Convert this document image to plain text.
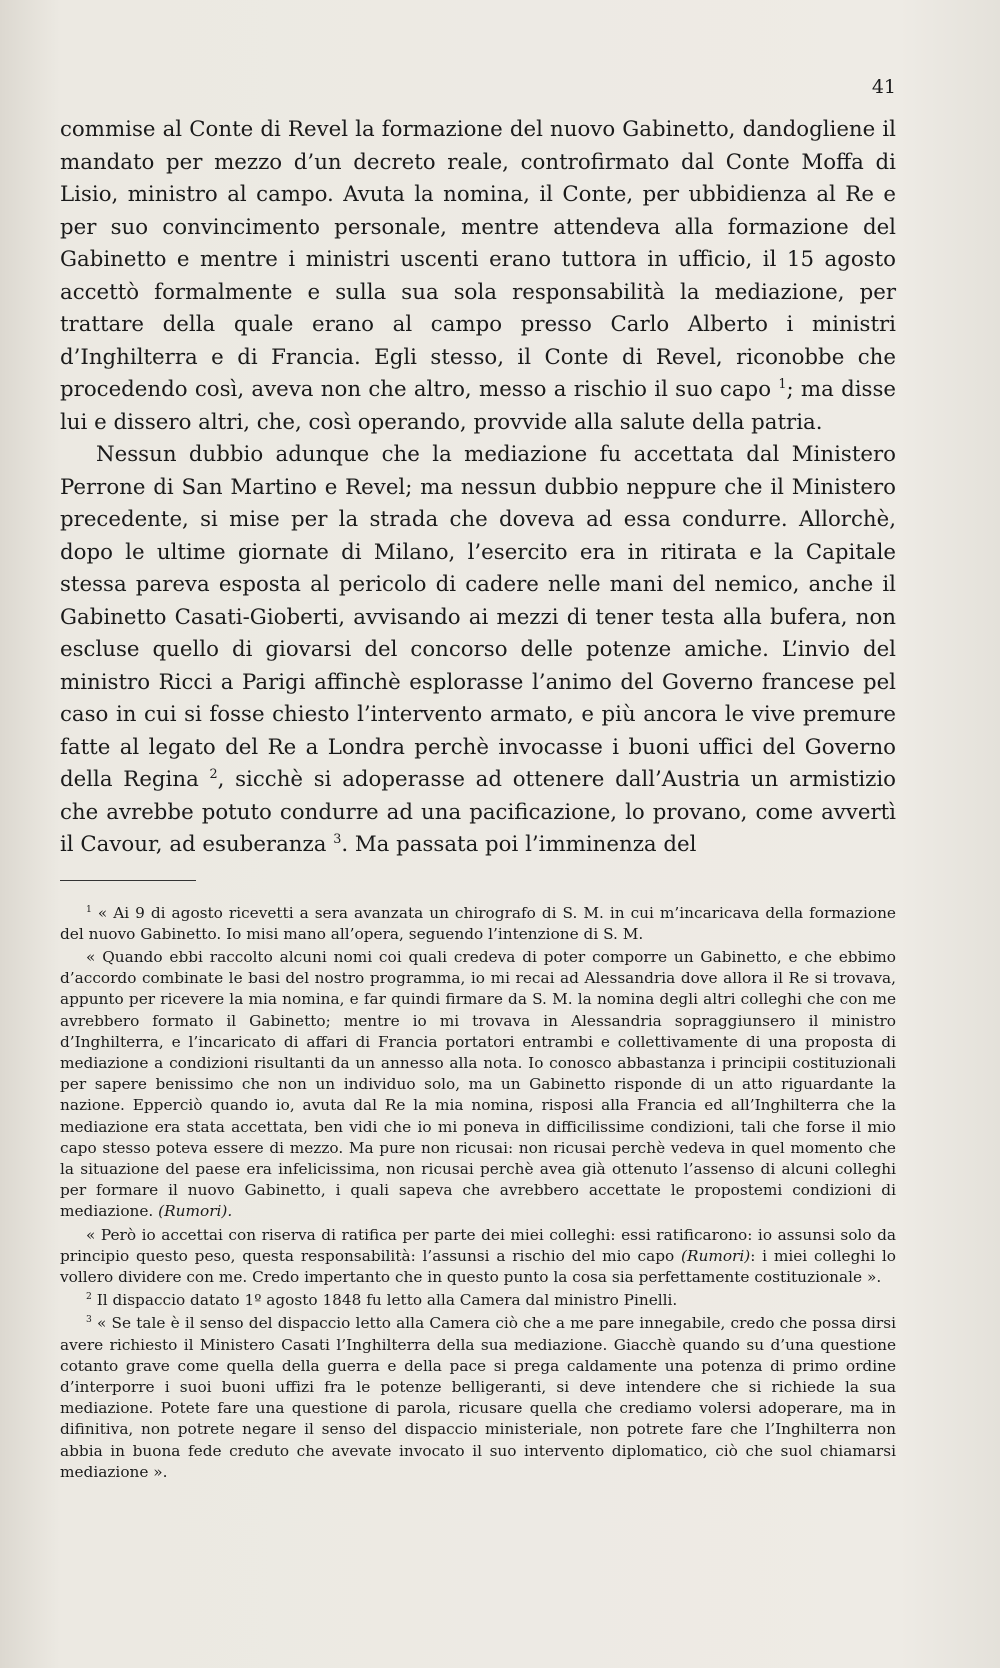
41

commise al Conte di Revel la formazione del nuovo Gabinetto, dandogliene il mandato per mezzo d’un decreto reale, controfirmato dal Conte Moffa di Lisio, ministro al campo. Avuta la nomina, il Conte, per ubbidienza al Re e per suo convincimento personale, mentre attendeva alla formazione del Gabinetto e mentre i ministri uscenti erano tuttora in ufficio, il 15 agosto accettò formalmente e sulla sua sola responsabilità la mediazione, per trattare della quale erano al campo presso Carlo Alberto i ministri d’Inghilterra e di Francia. Egli stesso, il Conte di Revel, riconobbe che procedendo così, aveva non che altro, messo a rischio il suo capo $^1$; ma disse lui e dissero altri, che, così operando, provvide alla salute della patria.

Nessun dubbio adunque che la mediazione fu accettata dal Ministero Perrone di San Martino e Revel; ma nessun dubbio neppure che il Ministero precedente, si mise per la strada che doveva ad essa condurre. Allorchè, dopo le ultime giornate di Milano, l’esercito era in ritirata e la Capitale stessa pareva esposta al pericolo di cadere nelle mani del nemico, anche il Gabinetto Casati-Gioberti, avvisando ai mezzi di tener testa alla bufera, non escluse quello di giovarsi del concorso delle potenze amiche. L’invio del ministro Ricci a Parigi affinchè esplorasse l’animo del Governo francese pel caso in cui si fosse chiesto l’intervento armato, e più ancora le vive premure fatte al legato del Re a Londra perchè invocasse i buoni uffici del Governo della Regina $^2$, sicchè si adoperasse ad ottenere dall’Austria un armistizio che avrebbe potuto condurre ad una pacificazione, lo provano, come avvertì il Cavour, ad esuberanza $^3$. Ma passata poi l’imminenza del

$^1$ « Ai 9 di agosto ricevetti a sera avanzata un chirografo di S. M. in cui m’incaricava della formazione del nuovo Gabinetto. Io misi mano all’opera, seguendo l’intenzione di S. M.

« Quando ebbi raccolto alcuni nomi coi quali credeva di poter comporre un Gabinetto, e che ebbimo d’accordo combinate le basi del nostro programma, io mi recai ad Alessandria dove allora il Re si trovava, appunto per ricevere la mia nomina, e far quindi firmare da S. M. la nomina degli altri colleghi che con me avrebbero formato il Gabinetto; mentre io mi trovava in Alessandria sopraggiunsero il ministro d’Inghilterra, e l’incaricato di affari di Francia portatori entrambi e collettivamente di una proposta di mediazione a condizioni risultanti da un annesso alla nota. Io conosco abbastanza i principii costituzionali per sapere benissimo che non un individuo solo, ma un Gabinetto risponde di un atto riguardante la nazione. Epperciò quando io, avuta dal Re la mia nomina, risposi alla Francia ed all’Inghilterra che la mediazione era stata accettata, ben vidi che io mi poneva in difficilissime condizioni, tali che forse il mio capo stesso poteva essere di mezzo. Ma pure non ricusai: non ricusai perchè vedeva in quel momento che la situazione del paese era infelicissima, non ricusai perchè avea già ottenuto l’assenso di alcuni colleghi per formare il nuovo Gabinetto, i quali sapeva che avrebbero accettate le propostemi condizioni di mediazione. (Rumori).

« Però io accettai con riserva di ratifica per parte dei miei colleghi: essi ratificarono: io assunsi solo da principio questo peso, questa responsabilità: l’assunsi a rischio del mio capo (Rumori): i miei colleghi lo vollero dividere con me. Credo impertanto che in questo punto la cosa sia perfettamente costituzionale ».

$^2$ Il dispaccio datato 1º agosto 1848 fu letto alla Camera dal ministro Pinelli.

$^3$ « Se tale è il senso del dispaccio letto alla Camera ciò che a me pare innegabile, credo che possa dirsi avere richiesto il Ministero Casati l’Inghilterra della sua mediazione. Giacchè quando su d’una questione cotanto grave come quella della guerra e della pace si prega caldamente una potenza di primo ordine d’interporre i suoi buoni uffizi fra le potenze belligeranti, si deve intendere che si richiede la sua mediazione. Potete fare una questione di parola, ricusare quella che crediamo volersi adoperare, ma in difinitiva, non potrete negare il senso del dispaccio ministeriale, non potrete fare che l’Inghilterra non abbia in buona fede creduto che avevate invocato il suo intervento diplomatico, ciò che suol chiamarsi mediazione ».
